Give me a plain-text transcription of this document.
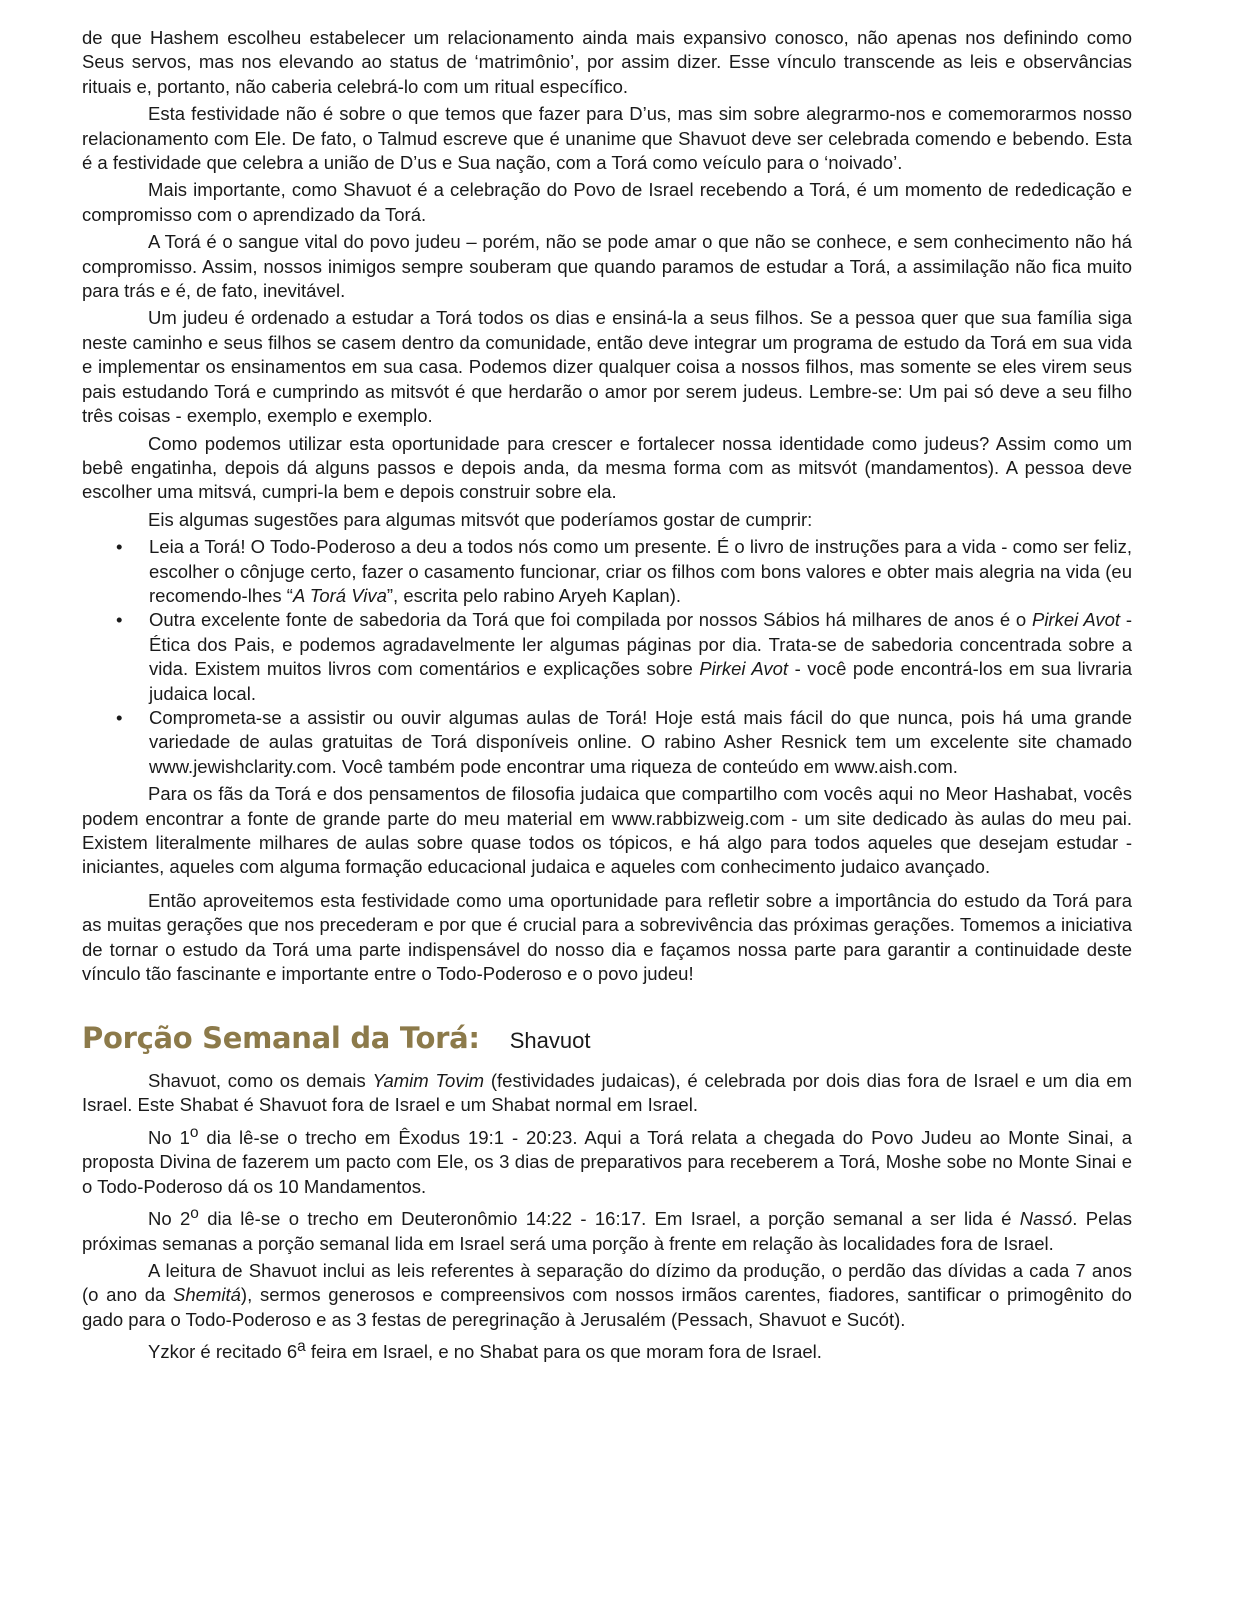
de que Hashem escolheu estabelecer um relacionamento ainda mais expansivo conosco, não apenas nos definindo como Seus servos, mas nos elevando ao status de ‘matrimônio’, por assim dizer. Esse vínculo transcende as leis e observâncias rituais e, portanto, não caberia celebrá-lo com um ritual específico.

Esta festividade não é sobre o que temos que fazer para D’us, mas sim sobre alegrarmo-nos e comemorarmos nosso relacionamento com Ele. De fato, o Talmud escreve que é unanime que Shavuot deve ser celebrada comendo e bebendo. Esta é a festividade que celebra a união de D’us e Sua nação, com a Torá como veículo para o ‘noivado’.

Mais importante, como Shavuot é a celebração do Povo de Israel recebendo a Torá, é um momento de rededicação e compromisso com o aprendizado da Torá.

A Torá é o sangue vital do povo judeu – porém, não se pode amar o que não se conhece, e sem conhecimento não há compromisso. Assim, nossos inimigos sempre souberam que quando paramos de estudar a Torá, a assimilação não fica muito para trás e é, de fato, inevitável.

Um judeu é ordenado a estudar a Torá todos os dias e ensiná-la a seus filhos. Se a pessoa quer que sua família siga neste caminho e seus filhos se casem dentro da comunidade, então deve integrar um programa de estudo da Torá em sua vida e implementar os ensinamentos em sua casa. Podemos dizer qualquer coisa a nossos filhos, mas somente se eles virem seus pais estudando Torá e cumprindo as mitsvót é que herdarão o amor por serem judeus. Lembre-se: Um pai só deve a seu filho três coisas - exemplo, exemplo e exemplo.

Como podemos utilizar esta oportunidade para crescer e fortalecer nossa identidade como judeus? Assim como um bebê engatinha, depois dá alguns passos e depois anda, da mesma forma com as mitsvót (mandamentos). A pessoa deve escolher uma mitsvá, cumpri-la bem e depois construir sobre ela.

Eis algumas sugestões para algumas mitsvót que poderíamos gostar de cumprir:

• Leia a Torá! O Todo-Poderoso a deu a todos nós como um presente. É o livro de instruções para a vida - como ser feliz, escolher o cônjuge certo, fazer o casamento funcionar, criar os filhos com bons valores e obter mais alegria na vida (eu recomendo-lhes “A Torá Viva”, escrita pelo rabino Aryeh Kaplan).
• Outra excelente fonte de sabedoria da Torá que foi compilada por nossos Sábios há milhares de anos é o Pirkei Avot - Ética dos Pais, e podemos agradavelmente ler algumas páginas por dia. Trata-se de sabedoria concentrada sobre a vida. Existem muitos livros com comentários e explicações sobre Pirkei Avot - você pode encontrá-los em sua livraria judaica local.
• Comprometa-se a assistir ou ouvir algumas aulas de Torá! Hoje está mais fácil do que nunca, pois há uma grande variedade de aulas gratuitas de Torá disponíveis online. O rabino Asher Resnick tem um excelente site chamado www.jewishclarity.com. Você também pode encontrar uma riqueza de conteúdo em www.aish.com.

Para os fãs da Torá e dos pensamentos de filosofia judaica que compartilho com vocês aqui no Meor Hashabat, vocês podem encontrar a fonte de grande parte do meu material em www.rabbizweig.com - um site dedicado às aulas do meu pai. Existem literalmente milhares de aulas sobre quase todos os tópicos, e há algo para todos aqueles que desejam estudar - iniciantes, aqueles com alguma formação educacional judaica e aqueles com conhecimento judaico avançado.

Então aproveitemos esta festividade como uma oportunidade para refletir sobre a importância do estudo da Torá para as muitas gerações que nos precederam e por que é crucial para a sobrevivência das próximas gerações. Tomemos a iniciativa de tornar o estudo da Torá uma parte indispensável do nosso dia e façamos nossa parte para garantir a continuidade deste vínculo tão fascinante e importante entre o Todo-Poderoso e o povo judeu!

Porção Semanal da Torá: Shavuot

Shavuot, como os demais Yamim Tovim (festividades judaicas), é celebrada por dois dias fora de Israel e um dia em Israel. Este Shabat é Shavuot fora de Israel e um Shabat normal em Israel.

No 1$^o$ dia lê-se o trecho em Êxodus 19:1 - 20:23. Aqui a Torá relata a chegada do Povo Judeu ao Monte Sinai, a proposta Divina de fazerem um pacto com Ele, os 3 dias de preparativos para receberem a Torá, Moshe sobe no Monte Sinai e o Todo-Poderoso dá os 10 Mandamentos.

No 2$^o$ dia lê-se o trecho em Deuteronômio 14:22 - 16:17. Em Israel, a porção semanal a ser lida é Nassó. Pelas próximas semanas a porção semanal lida em Israel será uma porção à frente em relação às localidades fora de Israel.

A leitura de Shavuot inclui as leis referentes à separação do dízimo da produção, o perdão das dívidas a cada 7 anos (o ano da Shemitá), sermos generosos e compreensivos com nossos irmãos carentes, fiadores, santificar o primogênito do gado para o Todo-Poderoso e as 3 festas de peregrinação à Jerusalém (Pessach, Shavuot e Sucót).

Yzkor é recitado 6$^a$ feira em Israel, e no Shabat para os que moram fora de Israel.
